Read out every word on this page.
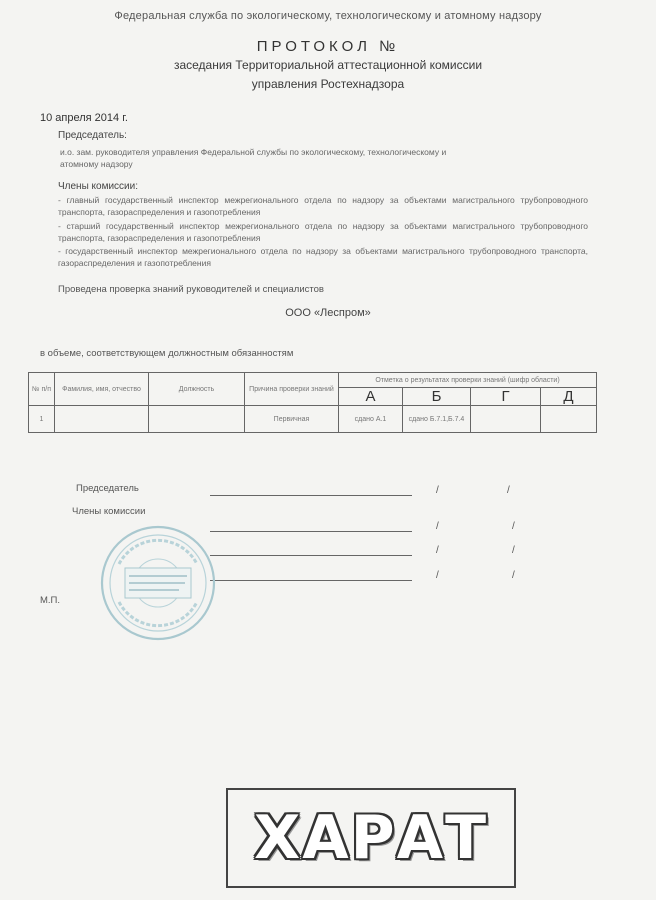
Федеральная служба по экологическому, технологическому и атомному надзору
ПРОТОКОЛ №
заседания Территориальной аттестационной комиссии
управления Ростехнадзора
10 апреля 2014 г.
Председатель:
и.о. зам. руководителя управления Федеральной службы по экологическому, технологическому и атомному надзору
Члены комиссии:
- главный государственный инспектор межрегионального отдела по надзору за объектами магистрального трубопроводного транспорта, газораспределения и газопотребления
- старший государственный инспектор межрегионального отдела по надзору за объектами магистрального трубопроводного транспорта, газораспределения и газопотребления
- государственный инспектор межрегионального отдела по надзору за объектами магистрального трубопроводного транспорта, газораспределения и газопотребления
Проведена проверка знаний руководителей и специалистов
ООО «Леспром»
в объеме, соответствующем должностным обязанностям
№ п/п	Фамилия, имя, отчество	Должность	Причина проверки знаний	Отметка о результатах проверки знаний (шифр области)			
				А	Б	Г	Д
1			Первичная	сдано А.1	сдано Б.7.1,Б.7.4		
Председатель	/	/
Члены комиссии
/	/
/	/
/	/
М.П.
ХАРАТ
